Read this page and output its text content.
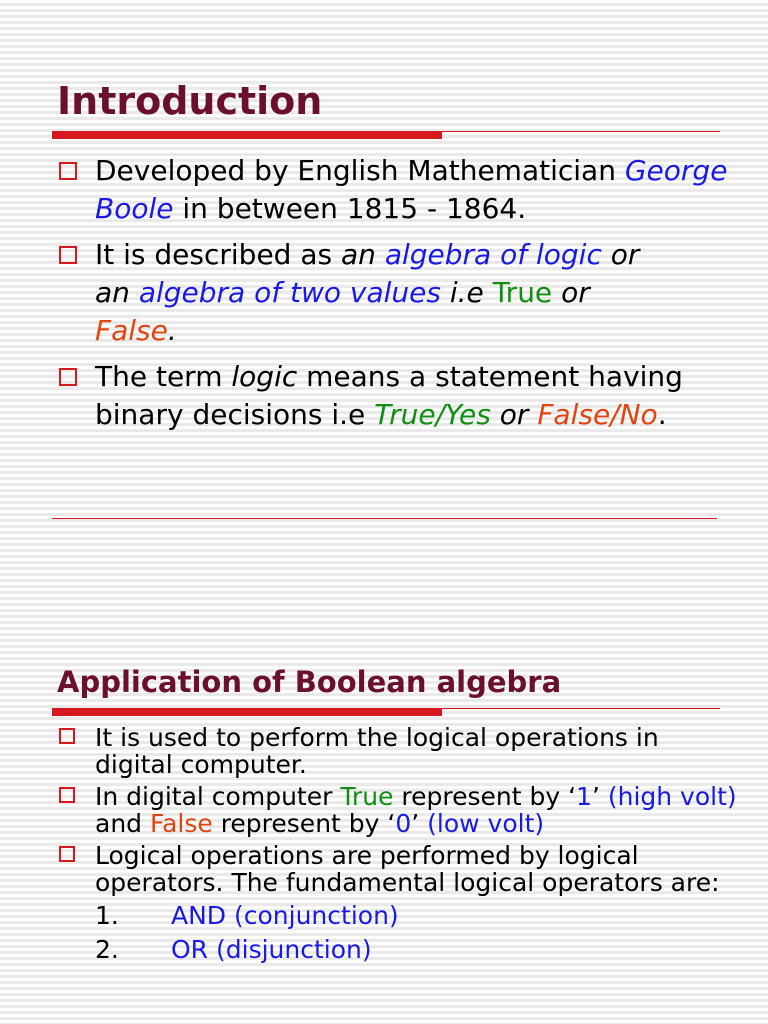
Introduction
Developed by English Mathematician George Boole in between 1815 - 1864.
It is described as an algebra of logic or
an algebra of two values i.e True or
False.
The term logic means a statement having binary decisions i.e True/Yes or False/No.
Application of Boolean algebra
It is used to perform the logical operations in digital computer.
In digital computer True represent by ‘1’ (high volt) and False represent by ‘0’ (low volt)
Logical operations are performed by logical operators. The fundamental logical operators are:
1. AND (conjunction)
2. OR (disjunction)
